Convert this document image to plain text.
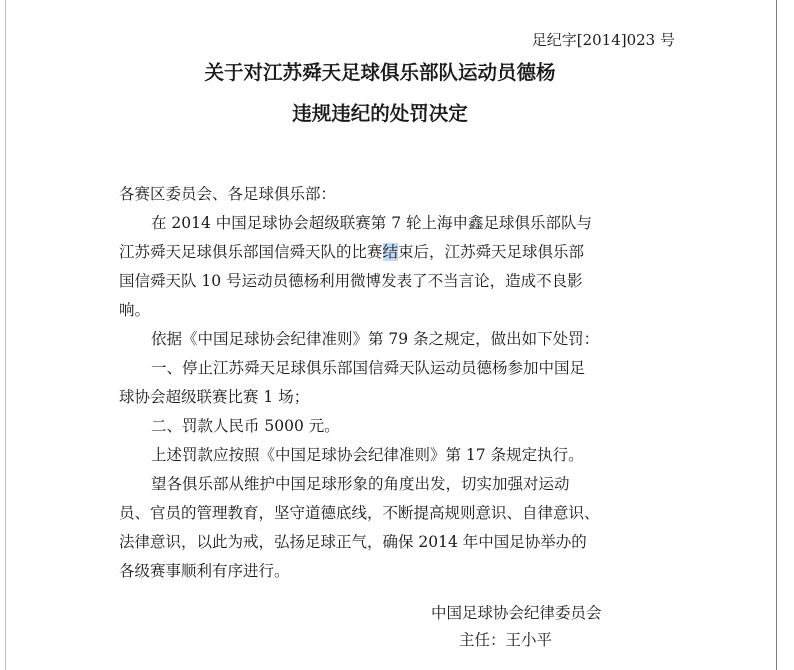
足纪字[2014]023 号
关于对江苏舜天足球俱乐部队运动员德杨
违规违纪的处罚决定
各赛区委员会、各足球俱乐部：
在 2014 中国足球协会超级联赛第 7 轮上海申鑫足球俱乐部队与
江苏舜天足球俱乐部国信舜天队的比赛结束后，江苏舜天足球俱乐部
国信舜天队 10 号运动员德杨利用微博发表了不当言论，造成不良影
响。
依据《中国足球协会纪律准则》第 79 条之规定，做出如下处罚：
一、停止江苏舜天足球俱乐部国信舜天队运动员德杨参加中国足
球协会超级联赛比赛 1 场；
二、罚款人民币 5000 元。
上述罚款应按照《中国足球协会纪律准则》第 17 条规定执行。
望各俱乐部从维护中国足球形象的角度出发，切实加强对运动
员、官员的管理教育，坚守道德底线，不断提高规则意识、自律意识、
法律意识，以此为戒，弘扬足球正气，确保 2014 年中国足协举办的
各级赛事顺利有序进行。
中国足球协会纪律委员会
主任：王小平
